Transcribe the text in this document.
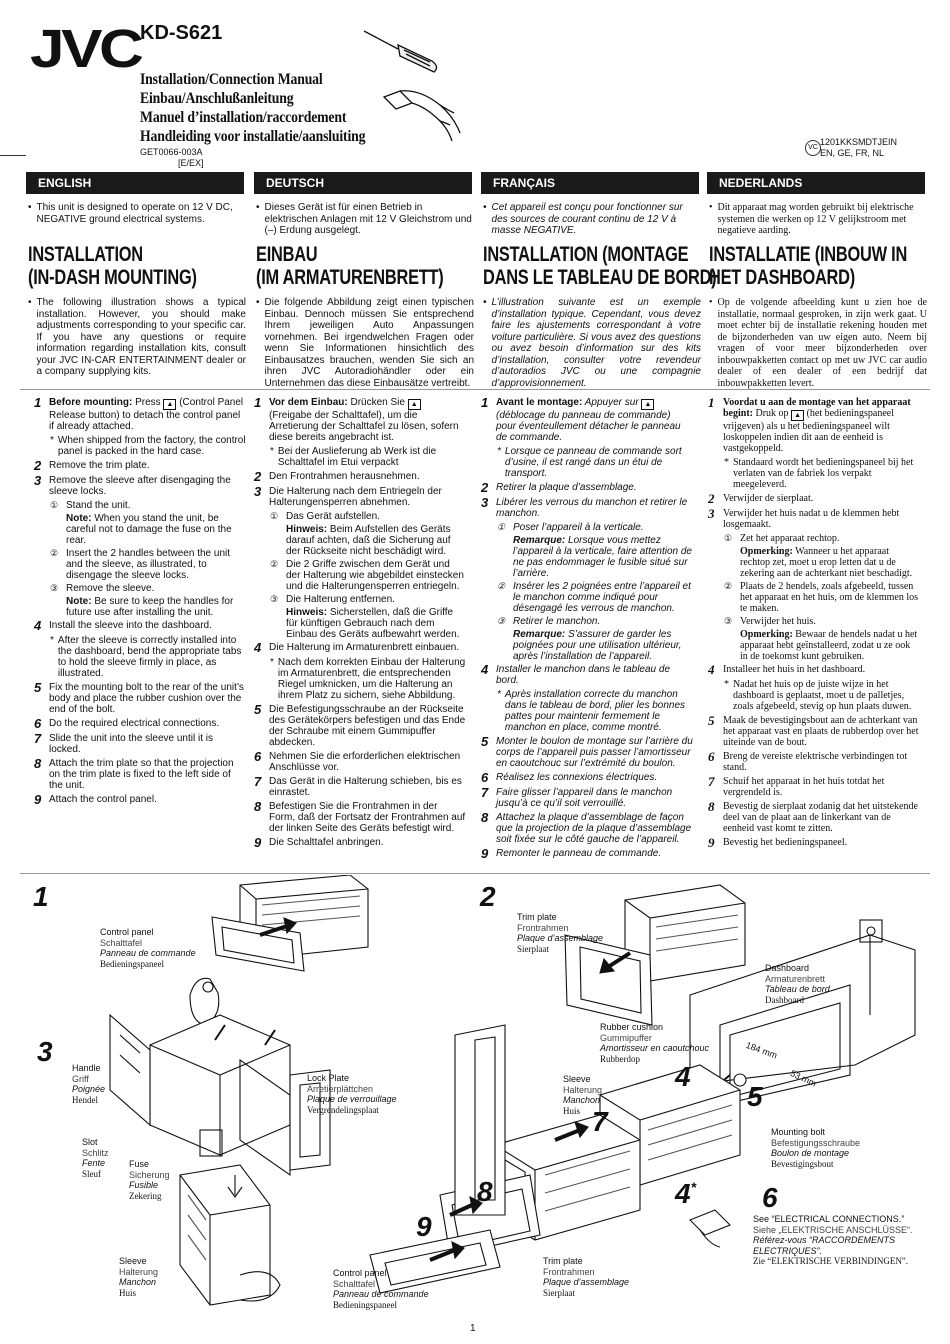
JVC KD-S621
Installation/Connection Manual
Einbau/Anschlußanleitung
Manuel d’installation/raccordement
Handleiding voor installatie/aansluiting
GET0066-003A
[E/EX]
VC
1201KKSMDTJEIN
EN, GE, FR, NL
ENGLISH	DEUTSCH	FRANÇAIS	NEDERLANDS
• This unit is designed to operate on 12 V DC, NEGATIVE ground electrical systems.
• Dieses Gerät ist für einen Betrieb in elektrischen Anlagen mit 12 V Gleichstrom und (–) Erdung ausgelegt.
• Cet appareil est conçu pour fonctionner sur des sources de courant continu de 12 V à masse NEGATIVE.
• Dit apparaat mag worden gebruikt bij elektrische systemen die werken op 12 V gelijkstroom met negatieve aarding.
INSTALLATION
(IN-DASH MOUNTING)
EINBAU
(IM ARMATURENBRETT)
INSTALLATION (MONTAGE
DANS LE TABLEAU DE BORD)
INSTALLATIE (INBOUW IN
HET DASHBOARD)
• The following illustration shows a typical installation. However, you should make adjustments corresponding to your specific car. If you have any questions or require information regarding installation kits, consult your JVC IN-CAR ENTERTAINMENT dealer or a company supplying kits.
• Die folgende Abbildung zeigt einen typischen Einbau. Dennoch müssen Sie entsprechend Ihrem jeweiligen Auto Anpassungen vornehmen. Bei irgendwelchen Fragen oder wenn Sie Informationen hinsichtlich des Einbausatzes brauchen, wenden Sie sich an ihren JVC Autoradiohändler oder ein Unternehmen das diese Einbausätze vertreibt.
• L’illustration suivante est un exemple d’installation typique. Cependant, vous devez faire les ajustements correspondant à votre voiture particulière. Si vous avez des questions ou avez besoin d’information sur des kits d’installation, consulter votre revendeur d’autoradios JVC ou une compagnie d’approvisionnement.
• Op de volgende afbeelding kunt u zien hoe de installatie, normaal gesproken, in zijn werk gaat. U moet echter bij de installatie rekening houden met de bijzonderheden van uw eigen auto. Neem bij vragen of voor meer bijzonderheden over inbouwpakketten contact op met uw JVC car audio dealer of een dealer of een bedrijf dat inbouwpakketten levert.
1 Before mounting: Press ▲ (Control Panel Release button) to detach the control panel if already attached.
* When shipped from the factory, the control panel is packed in the hard case.
2 Remove the trim plate.
3 Remove the sleeve after disengaging the sleeve locks.
① Stand the unit.
Note: When you stand the unit, be careful not to damage the fuse on the rear.
② Insert the 2 handles between the unit and the sleeve, as illustrated, to disengage the sleeve locks.
③ Remove the sleeve.
Note: Be sure to keep the handles for future use after installing the unit.
4 Install the sleeve into the dashboard.
* After the sleeve is correctly installed into the dashboard, bend the appropriate tabs to hold the sleeve firmly in place, as illustrated.
5 Fix the mounting bolt to the rear of the unit’s body and place the rubber cushion over the end of the bolt.
6 Do the required electrical connections.
7 Slide the unit into the sleeve until it is locked.
8 Attach the trim plate so that the projection on the trim plate is fixed to the left side of the unit.
9 Attach the control panel.
1 Vor dem Einbau: Drücken Sie ▲ (Freigabe der Schalttafel), um die Arretierung der Schalttafel zu lösen, sofern diese bereits angebracht ist.
* Bei der Auslieferung ab Werk ist die Schalttafel im Etui verpackt
2 Den Frontrahmen herausnehmen.
3 Die Halterung nach dem Entriegeln der Halterungensperren abnehmen.
① Das Gerät aufstellen.
Hinweis: Beim Aufstellen des Geräts darauf achten, daß die Sicherung auf der Rückseite nicht beschädigt wird.
② Die 2 Griffe zwischen dem Gerät und der Halterung wie abgebildet einstecken und die Halterungensperren entriegeln.
③ Die Halterung entfernen.
Hinweis: Sicherstellen, daß die Griffe für künftigen Gebrauch nach dem Einbau des Geräts aufbewahrt werden.
4 Die Halterung im Armaturenbrett einbauen.
* Nach dem korrekten Einbau der Halterung im Armaturenbrett, die entsprechenden Riegel umknicken, um die Halterung an ihrem Platz zu sichern, siehe Abbildung.
5 Die Befestigungsschraube an der Rückseite des Gerätekörpers befestigen und das Ende der Schraube mit einem Gummipuffer abdecken.
6 Nehmen Sie die erforderlichen elektrischen Anschlüsse vor.
7 Das Gerät in die Halterung schieben, bis es einrastet.
8 Befestigen Sie die Frontrahmen in der Form, daß der Fortsatz der Frontrahmen auf der linken Seite des Geräts befestigt wird.
9 Die Schalttafel anbringen.
1 Avant le montage: Appuyer sur ▲ (déblocage du panneau de commande) pour éventeullement détacher le panneau de commande.
* Lorsque ce panneau de commande sort d’usine, il est rangé dans un étui de transport.
2 Retirer la plaque d’assemblage.
3 Libérer les verrous du manchon et retirer le manchon.
① Poser l’appareil à la verticale.
Remarque: Lorsque vous mettez l’appareil à la verticale, faire attention de ne pas endommager le fusible situé sur l’arrière.
② Insérer les 2 poignées entre l’appareil et le manchon comme indiqué pour désengagé les verrous de manchon.
③ Retirer le manchon.
Remarque: S’assurer de garder les poignées pour une utilisation ultérieur, après l’installation de l’appareil.
4 Installer le manchon dans le tableau de bord.
* Après installation correcte du manchon dans le tableau de bord, plier les bonnes pattes pour maintenir fermement le manchon en place, comme montré.
5 Monter le boulon de montage sur l’arrière du corps de l’appareil puis passer l’amortisseur en caoutchouc sur l’extrémité du boulon.
6 Réalisez les connexions électriques.
7 Faire glisser l’appareil dans le manchon jusqu’à ce qu’il soit verrouillé.
8 Attachez la plaque d’assemblage de façon que la projection de la plaque d’assemblage soit fixée sur le côté gauche de l’appareil.
9 Remonter le panneau de commande.
1 Voordat u aan de montage van het apparaat begint: Druk op ▲ (het bedieningspaneel vrijgeven) als u het bedieningspaneel wilt loskoppelen indien dit aan de eenheid is vastgekoppeld.
* Standaard wordt het bedieningspaneel bij het verlaten van de fabriek los verpakt meegeleverd.
2 Verwijder de sierplaat.
3 Verwijder het huis nadat u de klemmen hebt losgemaakt.
① Zet het apparaat rechtop.
Opmerking: Wanneer u het apparaat rechtop zet, moet u erop letten dat u de zekering aan de achterkant niet beschadigt.
② Plaats de 2 hendels, zoals afgebeeld, tussen het apparaat en het huis, om de klemmen los te maken.
③ Verwijder het huis.
Opmerking: Bewaar de hendels nadat u het apparaat hebt geïnstalleerd, zodat u ze ook in de toekomst kunt gebruiken.
4 Installeer het huis in het dashboard.
* Nadat het huis op de juiste wijze in het dashboard is geplaatst, moet u de palletjes, zoals afgebeeld, stevig op hun plaats duwen.
5 Maak de bevestigingsbout aan de achterkant van het apparaat vast en plaats de rubberdop over het uiteinde van de bout.
6 Breng de vereiste elektrische verbindingen tot stand.
7 Schuif het apparaat in het huis totdat het vergrendeld is.
8 Bevestig de sierplaat zodanig dat het uitstekende deel van de plaat aan de linkerkant van de eenheid vast komt te zitten.
9 Bevestig het bedieningspaneel.
1	2
3
4
5
6
7
8
9
4*
Control panel
Schalttafel
Panneau de commande
Bedieningspaneel
Trim plate
Frontrahmen
Plaque d’assemblage
Sierplaat
Dashboard
Armaturenbrett
Tableau de bord
Dashboard
Handle
Griff
Poignée
Hendel
Lock Plate
Arretierplättchen
Plaque de verrouillage
Vergrendelingsplaat
Rubber cushion
Gummipuffer
Amortisseur en caoutchouc
Rubberdop
Slot
Schlitz
Fente
Sleuf
Fuse
Sicherung
Fusible
Zekering
Sleeve
Halterung
Manchon
Huis
Mounting bolt
Befestigungsschraube
Boulon de montage
Bevestigingsbout
Sleeve
Halterung
Manchon
Huis
Control panel
Schalttafel
Panneau de commande
Bedieningspaneel
Trim plate
Frontrahmen
Plaque d’assemblage
Sierplaat
See “ELECTRICAL CONNECTIONS.”
Siehe „ELEKTRISCHE ANSCHLÜSSE“.
Référez-vous “RACCORDEMENTS ELECTRIQUES”.
Zie “ELEKTRISCHE VERBINDINGEN”.
184 mm
53 mm
1
